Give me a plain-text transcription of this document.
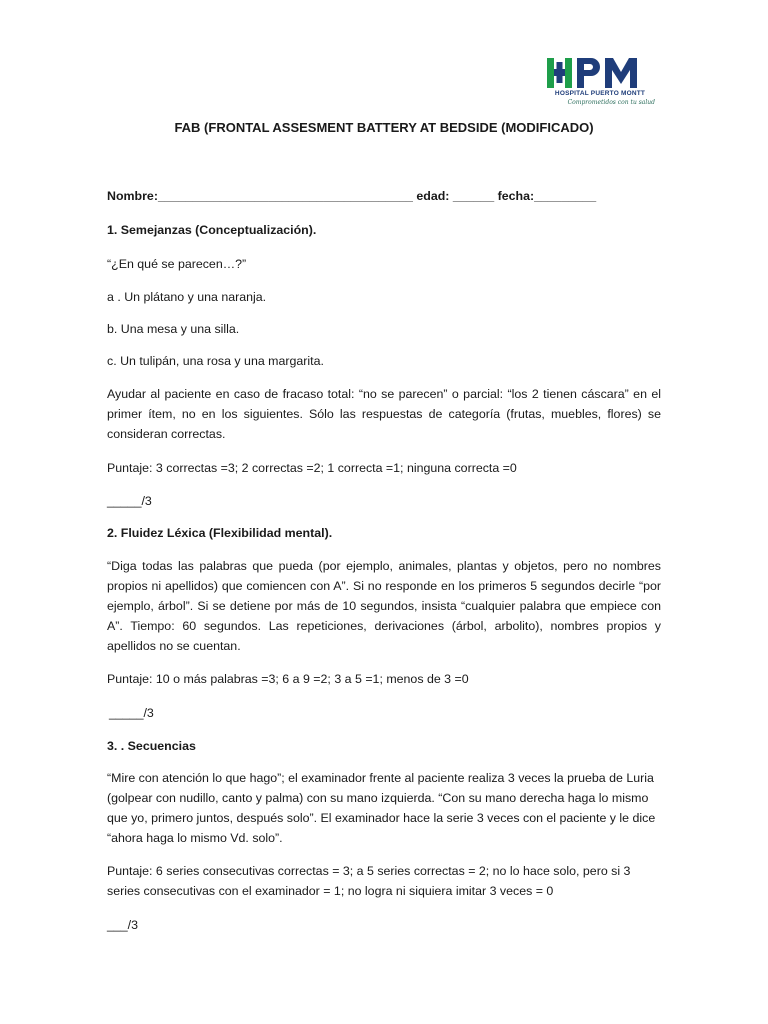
HOSPITAL PUERTO MONTT
Comprometidos con tu salud
FAB (FRONTAL ASSESMENT BATTERY AT BEDSIDE (MODIFICADO)
Nombre:_____________________________________ edad: ______ fecha:_________
1. Semejanzas (Conceptualización).
“¿En qué se parecen…?”
a . Un plátano y una naranja.
b. Una mesa y una silla.
c. Un tulipán, una rosa y una margarita.
Ayudar al paciente en caso de fracaso total: “no se parecen” o parcial: “los 2 tienen cáscara” en el primer ítem, no en los siguientes. Sólo las respuestas de categoría (frutas, muebles, flores) se consideran correctas.
Puntaje: 3 correctas =3; 2 correctas =2; 1 correcta =1; ninguna correcta =0
_____/3
2. Fluidez Léxica (Flexibilidad mental).
“Diga todas las palabras que pueda (por ejemplo, animales, plantas y objetos, pero no nombres propios ni apellidos) que comiencen con A”. Si no responde en los primeros 5 segundos decirle “por ejemplo, árbol”. Si se detiene por más de 10 segundos, insista “cualquier palabra que empiece con A”. Tiempo: 60 segundos. Las repeticiones, derivaciones (árbol, arbolito), nombres propios y apellidos no se cuentan.
Puntaje: 10 o más palabras =3; 6 a 9 =2; 3 a 5 =1; menos de 3 =0
_____/3
3. . Secuencias
“Mire con atención lo que hago”; el examinador frente al paciente realiza 3 veces la prueba de Luria (golpear con nudillo, canto y palma) con su mano izquierda. “Con su mano derecha haga lo mismo que yo, primero juntos, después solo”. El examinador hace la serie 3 veces con el paciente y le dice “ahora haga lo mismo Vd. solo”.
Puntaje: 6 series consecutivas correctas = 3; a 5 series correctas = 2; no lo hace solo, pero si 3 series consecutivas con el examinador = 1; no logra ni siquiera imitar 3 veces = 0
___/3
